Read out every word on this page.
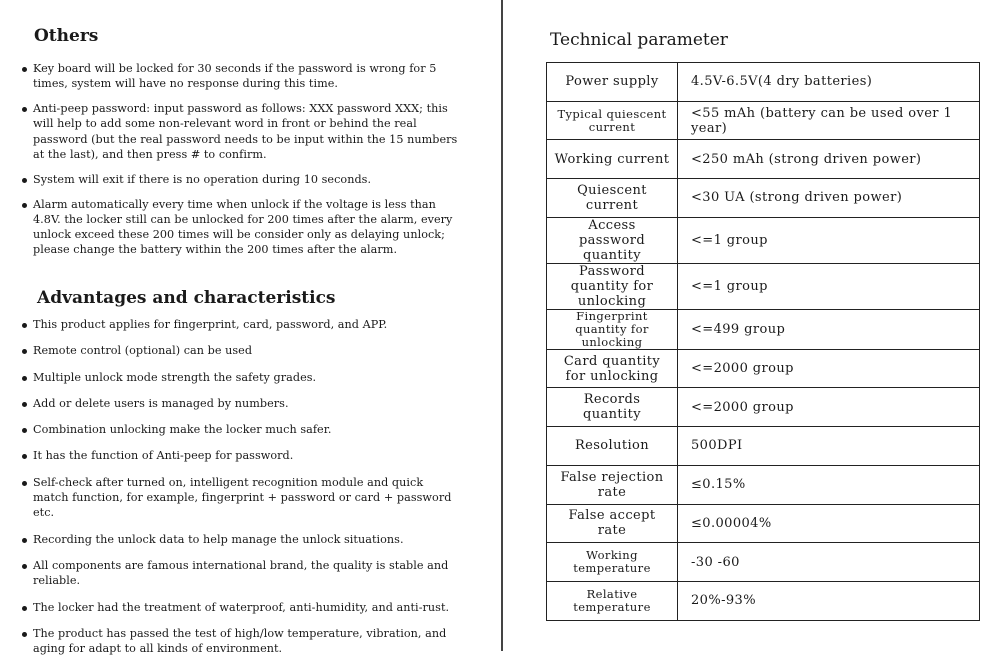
Others
Key board will be locked for 30 seconds if the password is wrong for 5 times, system will have no response during this time.
Anti-peep password: input password as follows: XXX password XXX; this will help to add some non-relevant word in front or behind the real password (but the real password needs to be input within the 15 numbers at the last), and then press # to confirm.
System will exit if there is no operation during 10 seconds.
Alarm automatically every time when unlock if the voltage is less than 4.8V. the locker still can be unlocked for 200 times after the alarm, every unlock exceed these 200 times will be consider only as delaying unlock; please change the battery within the 200 times after the alarm.
Advantages and characteristics
This product applies for fingerprint, card, password, and APP.
Remote control (optional) can be used
Multiple unlock mode strength the safety grades.
Add or delete users is managed by numbers.
Combination unlocking make the locker much safer.
It has the function of Anti-peep for password.
Self-check after turned on, intelligent recognition module and quick match function, for example, fingerprint + password or card + password etc.
Recording the unlock data to help manage the unlock situations.
All components are famous international brand, the quality is stable and reliable.
The locker had the treatment of waterproof, anti-humidity, and anti-rust.
The product has passed the test of high/low temperature, vibration, and aging for adapt to all kinds of environment.
Technical parameter
Power supply	4.5V-6.5V(4 dry batteries)
Typical quiescent current	<55 mAh (battery can be used over 1 year)
Working current	<250 mAh (strong driven power)
Quiescent current	<30 UA (strong driven power)
Access password quantity	<=1 group
Password quantity for unlocking	<=1 group
Fingerprint quantity for unlocking	<=499 group
Card quantity for unlocking	<=2000 group
Records quantity	<=2000 group
Resolution	500DPI
False rejection rate	≤0.15%
False accept rate	≤0.00004%
Working temperature	-30 -60
Relative temperature	20%-93%
